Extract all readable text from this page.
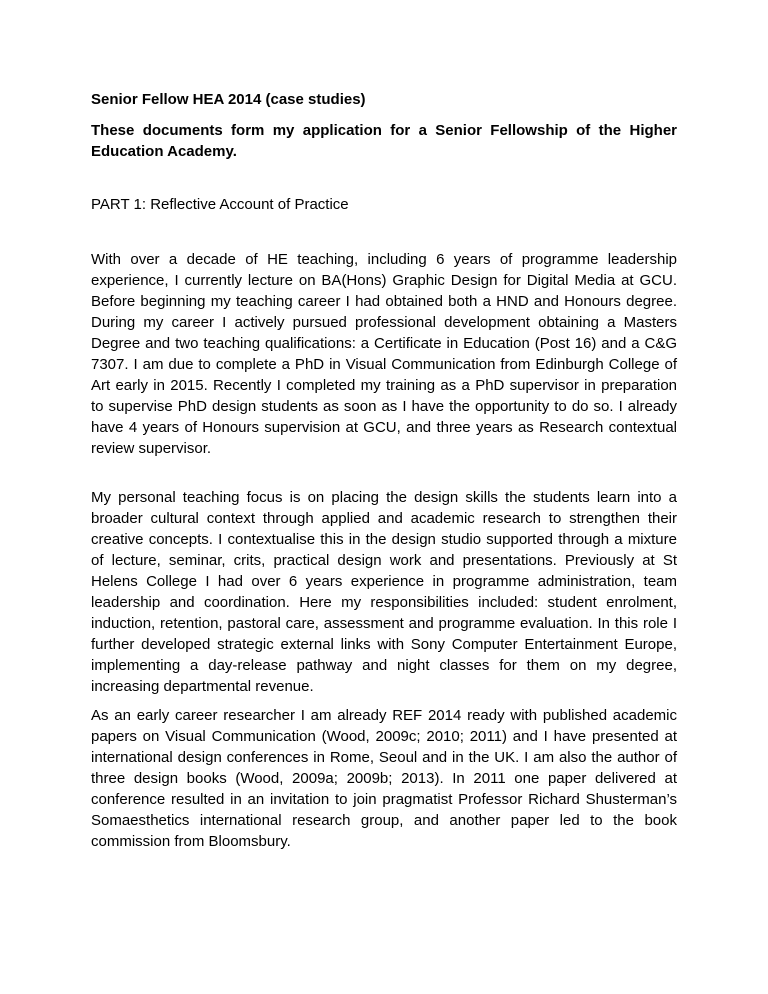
Senior Fellow HEA 2014 (case studies)

These documents form my application for a Senior Fellowship of the Higher Education Academy.

PART 1: Reflective Account of Practice

With over a decade of HE teaching, including 6 years of programme leadership experience, I currently lecture on BA(Hons) Graphic Design for Digital Media at GCU. Before beginning my teaching career I had obtained both a HND and Honours degree. During my career I actively pursued professional development obtaining a Masters Degree and two teaching qualifications: a Certificate in Education (Post 16) and a C&G 7307. I am due to complete a PhD in Visual Communication from Edinburgh College of Art early in 2015. Recently I completed my training as a PhD supervisor in preparation to supervise PhD design students as soon as I have the opportunity to do so. I already have 4 years of Honours supervision at GCU, and three years as Research contextual review supervisor.

My personal teaching focus is on placing the design skills the students learn into a broader cultural context through applied and academic research to strengthen their creative concepts. I contextualise this in the design studio supported through a mixture of lecture, seminar, crits, practical design work and presentations. Previously at St Helens College I had over 6 years experience in programme administration, team leadership and coordination. Here my responsibilities included: student enrolment, induction, retention, pastoral care, assessment and programme evaluation. In this role I further developed strategic external links with Sony Computer Entertainment Europe, implementing a day-release pathway and night classes for them on my degree, increasing departmental revenue.

As an early career researcher I am already REF 2014 ready with published academic papers on Visual Communication (Wood, 2009c; 2010; 2011) and I have presented at international design conferences in Rome, Seoul and in the UK. I am also the author of three design books (Wood, 2009a; 2009b; 2013). In 2011 one paper delivered at conference resulted in an invitation to join pragmatist Professor Richard Shusterman’s Somaesthetics international research group, and another paper led to the book commission from Bloomsbury.
